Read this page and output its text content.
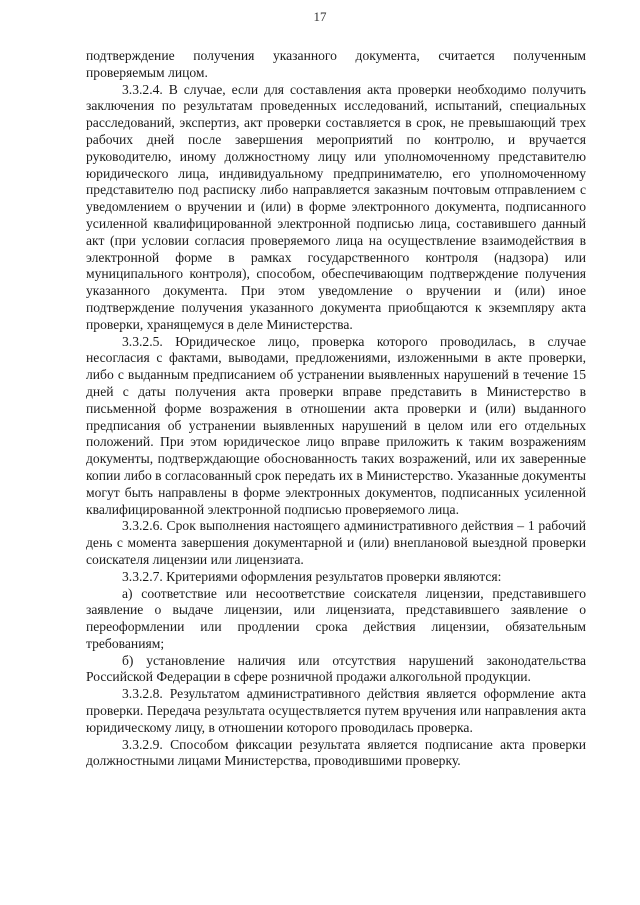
17

подтверждение получения указанного документа, считается полученным проверяемым лицом.

3.3.2.4. В случае, если для составления акта проверки необходимо получить заключения по результатам проведенных исследований, испытаний, специальных расследований, экспертиз, акт проверки составляется в срок, не превышающий трех рабочих дней после завершения мероприятий по контролю, и вручается руководителю, иному должностному лицу или уполномоченному представителю юридического лица, индивидуальному предпринимателю, его уполномоченному представителю под расписку либо направляется заказным почтовым отправлением с уведомлением о вручении и (или) в форме электронного документа, подписанного усиленной квалифицированной электронной подписью лица, составившего данный акт (при условии согласия проверяемого лица на осуществление взаимодействия в электронной форме в рамках государственного контроля (надзора) или муниципального контроля), способом, обеспечивающим подтверждение получения указанного документа. При этом уведомление о вручении и (или) иное подтверждение получения указанного документа приобщаются к экземпляру акта проверки, хранящемуся в деле Министерства.

3.3.2.5. Юридическое лицо, проверка которого проводилась, в случае несогласия с фактами, выводами, предложениями, изложенными в акте проверки, либо с выданным предписанием об устранении выявленных нарушений в течение 15 дней с даты получения акта проверки вправе представить в Министерство в письменной форме возражения в отношении акта проверки и (или) выданного предписания об устранении выявленных нарушений в целом или его отдельных положений. При этом юридическое лицо вправе приложить к таким возражениям документы, подтверждающие обоснованность таких возражений, или их заверенные копии либо в согласованный срок передать их в Министерство. Указанные документы могут быть направлены в форме электронных документов, подписанных усиленной квалифицированной электронной подписью проверяемого лица.

3.3.2.6. Срок выполнения настоящего административного действия – 1 рабочий день с момента завершения документарной и (или) внеплановой выездной проверки соискателя лицензии или лицензиата.

3.3.2.7. Критериями оформления результатов проверки являются:

а) соответствие или несоответствие соискателя лицензии, представившего заявление о выдаче лицензии, или лицензиата, представившего заявление о переоформлении или продлении срока действия лицензии, обязательным требованиям;

б) установление наличия или отсутствия нарушений законодательства Российской Федерации в сфере розничной продажи алкогольной продукции.

3.3.2.8. Результатом административного действия является оформление акта проверки. Передача результата осуществляется путем вручения или направления акта юридическому лицу, в отношении которого проводилась проверка.

3.3.2.9. Способом фиксации результата является подписание акта проверки должностными лицами Министерства, проводившими проверку.
